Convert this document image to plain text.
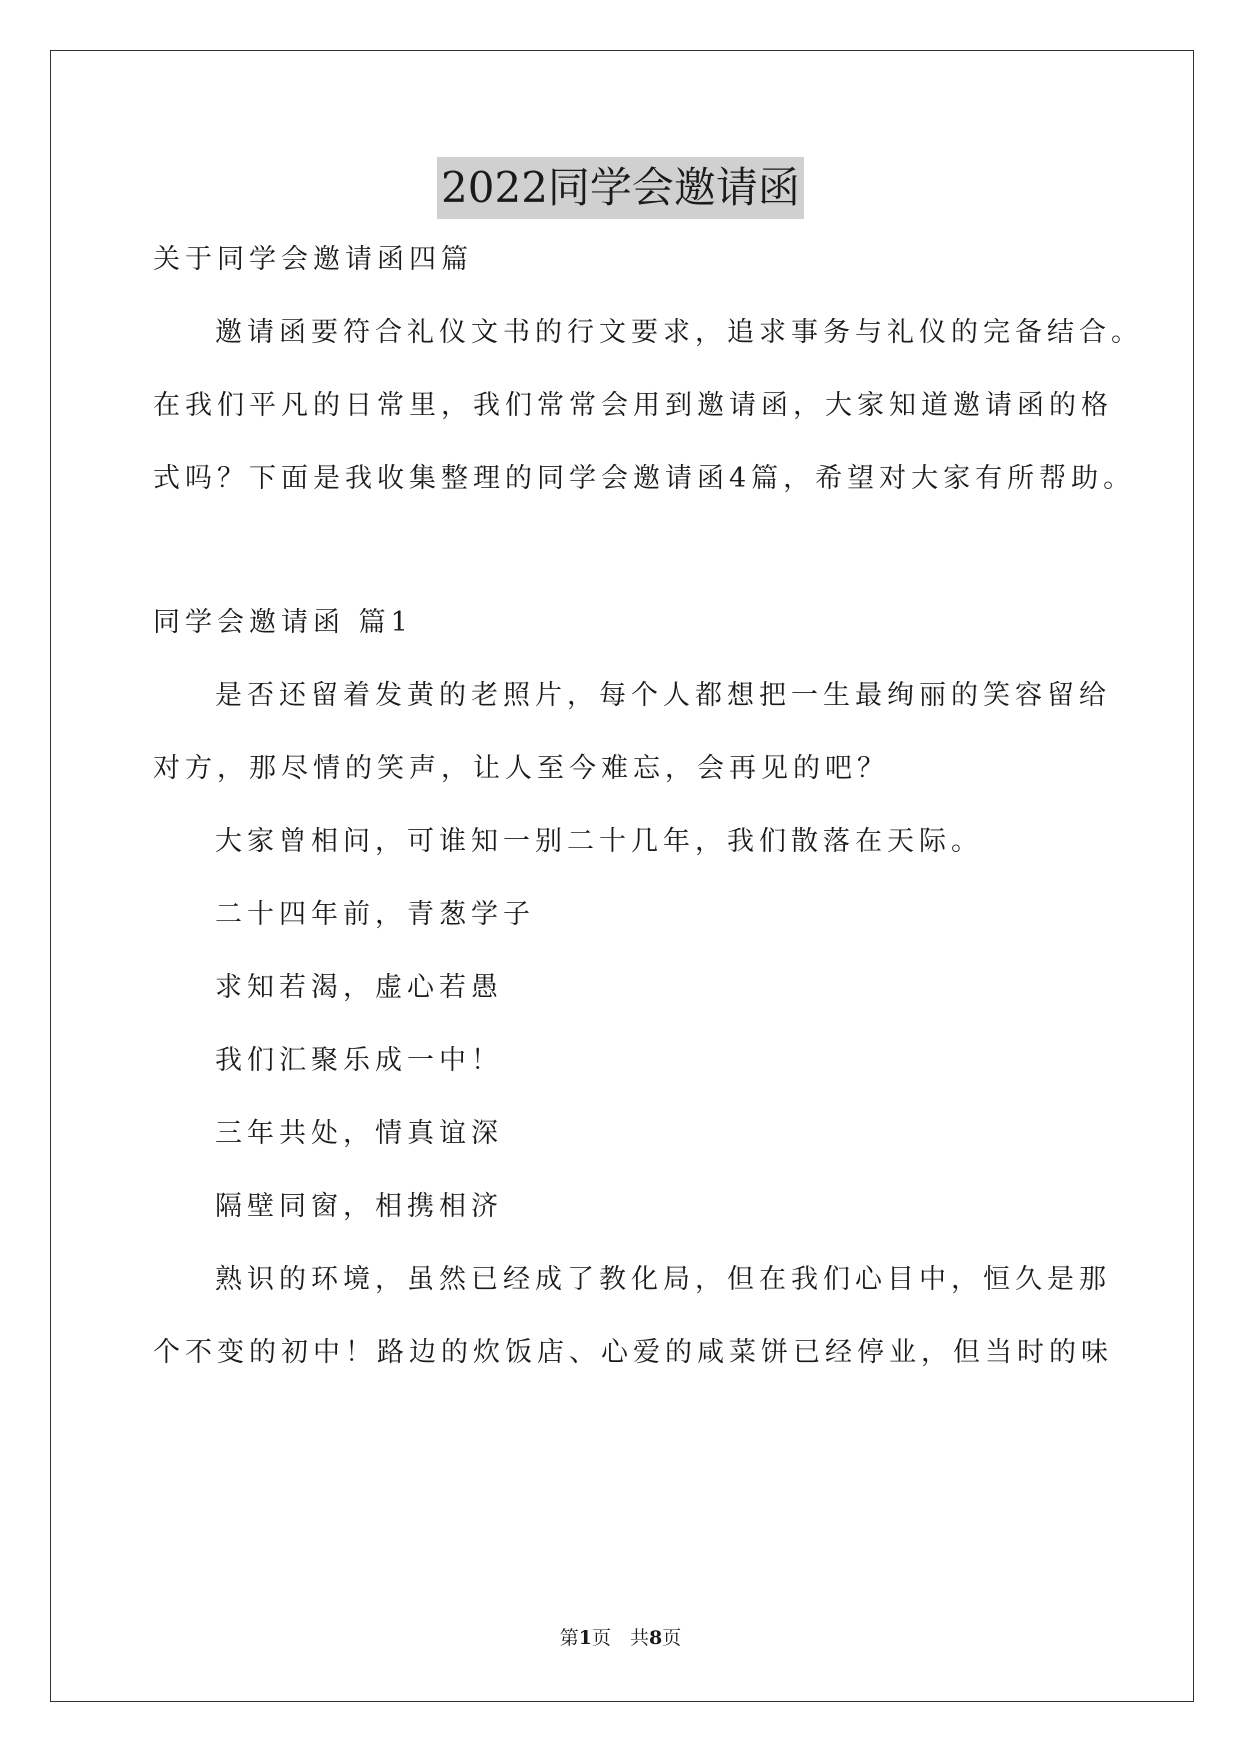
2022同学会邀请函
关于同学会邀请函四篇
邀请函要符合礼仪文书的行文要求，追求事务与礼仪的完备结合。
在我们平凡的日常里，我们常常会用到邀请函，大家知道邀请函的格
式吗？下面是我收集整理的同学会邀请函4篇，希望对大家有所帮助。
同学会邀请函 篇1
是否还留着发黄的老照片，每个人都想把一生最绚丽的笑容留给
对方，那尽情的笑声，让人至今难忘，会再见的吧？
大家曾相问，可谁知一别二十几年，我们散落在天际。
二十四年前，青葱学子
求知若渴，虚心若愚
我们汇聚乐成一中！
三年共处，情真谊深
隔壁同窗，相携相济
熟识的环境，虽然已经成了教化局，但在我们心目中，恒久是那
个不变的初中！路边的炊饭店、心爱的咸菜饼已经停业，但当时的味
第1页　共8页
